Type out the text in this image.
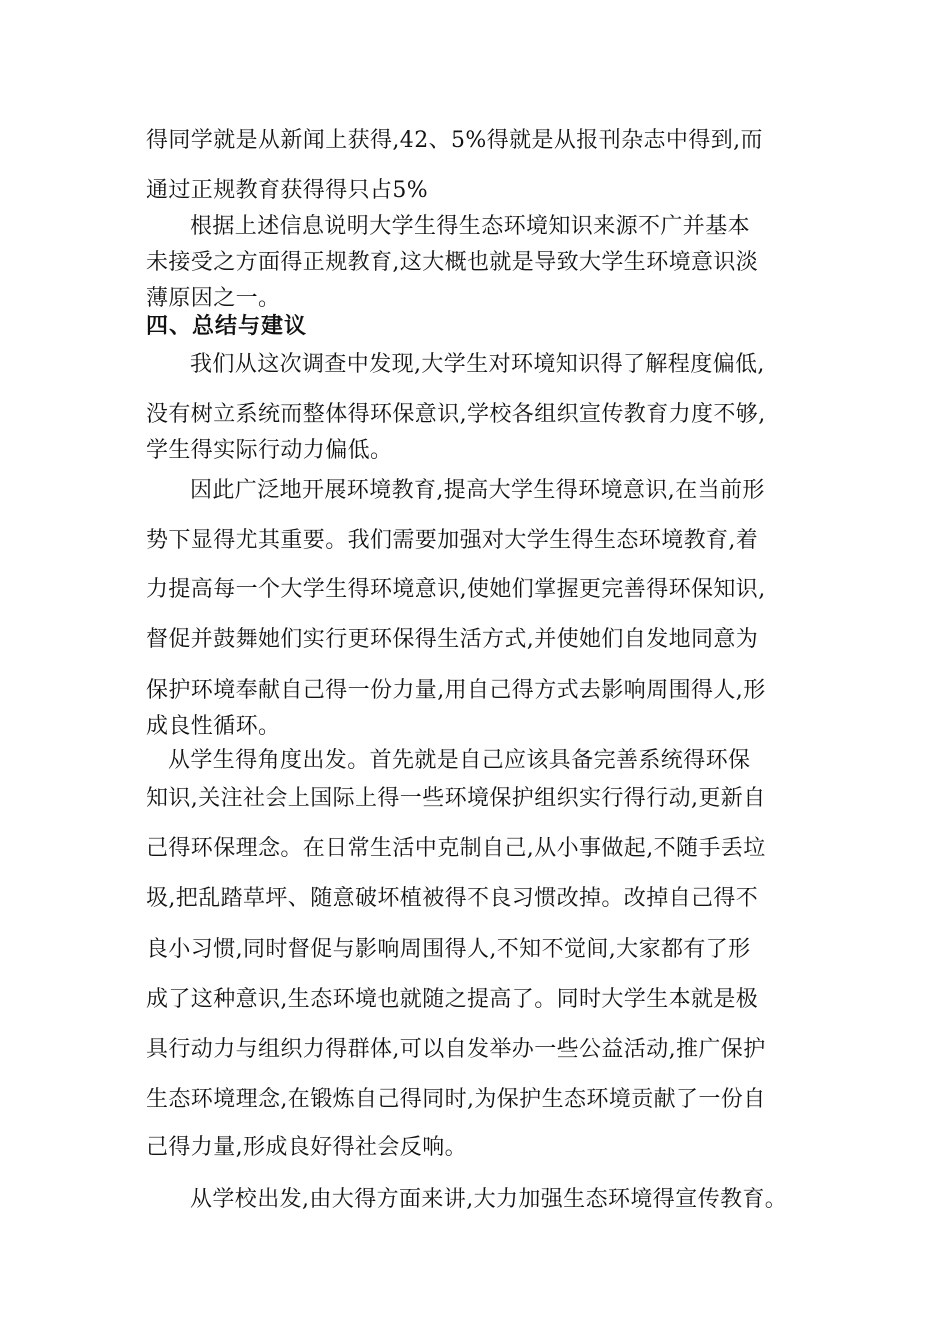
得同学就是从新闻上获得,42、5%得就是从报刊杂志中得到,而

通过正规教育获得得只占5%

根据上述信息说明大学生得生态环境知识来源不广并基本

未接受之方面得正规教育,这大概也就是导致大学生环境意识淡

薄原因之一。

四、总结与建议

我们从这次调查中发现,大学生对环境知识得了解程度偏低,

没有树立系统而整体得环保意识,学校各组织宣传教育力度不够,

学生得实际行动力偏低。

因此广泛地开展环境教育,提高大学生得环境意识,在当前形

势下显得尤其重要。我们需要加强对大学生得生态环境教育,着

力提高每一个大学生得环境意识,使她们掌握更完善得环保知识,

督促并鼓舞她们实行更环保得生活方式,并使她们自发地同意为

保护环境奉献自己得一份力量,用自己得方式去影响周围得人,形

成良性循环。

从学生得角度出发。首先就是自己应该具备完善系统得环保

知识,关注社会上国际上得一些环境保护组织实行得行动,更新自

己得环保理念。在日常生活中克制自己,从小事做起,不随手丢垃

圾,把乱踏草坪、随意破坏植被得不良习惯改掉。改掉自己得不

良小习惯,同时督促与影响周围得人,不知不觉间,大家都有了形

成了这种意识,生态环境也就随之提高了。同时大学生本就是极

具行动力与组织力得群体,可以自发举办一些公益活动,推广保护

生态环境理念,在锻炼自己得同时,为保护生态环境贡献了一份自

己得力量,形成良好得社会反响。

从学校出发,由大得方面来讲,大力加强生态环境得宣传教育。
